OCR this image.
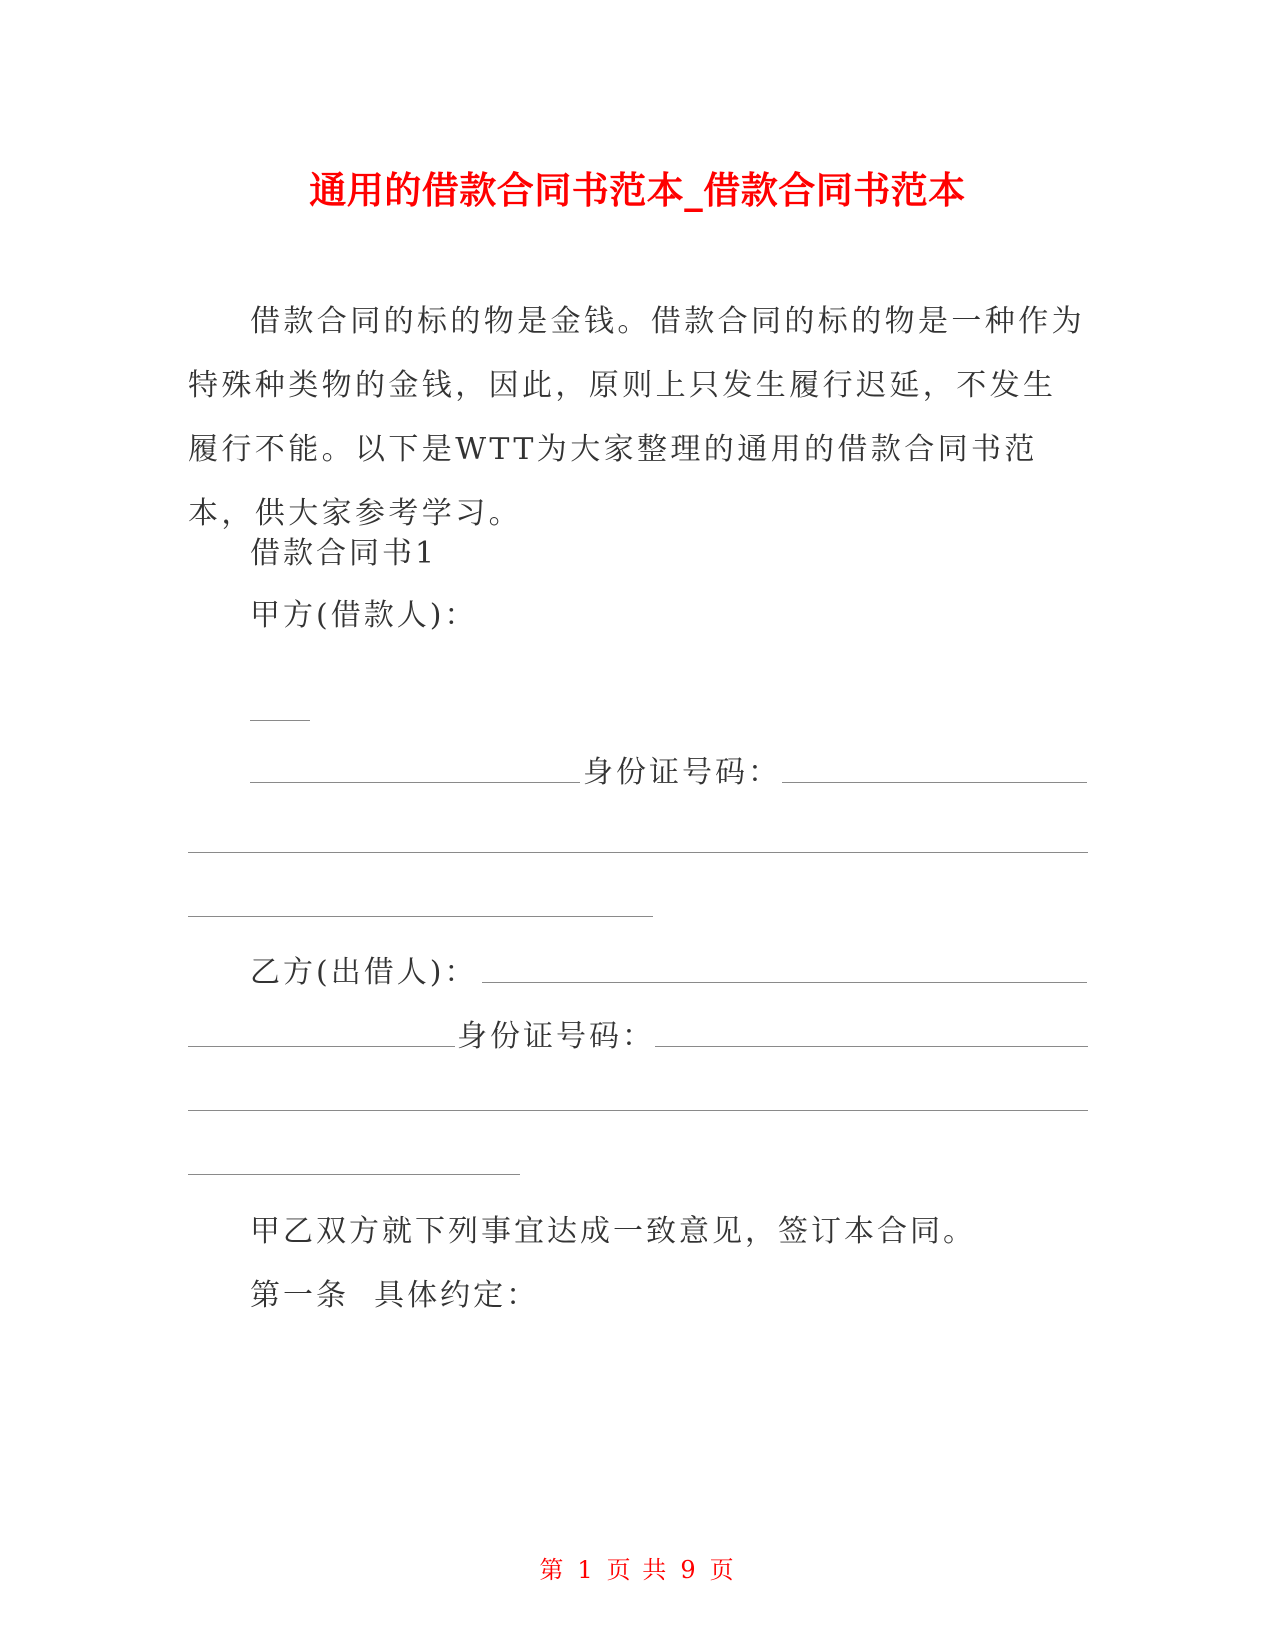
通用的借款合同书范本_借款合同书范本
借款合同的标的物是金钱。借款合同的标的物是一种作为特殊种类物的金钱，因此，原则上只发生履行迟延，不发生履行不能。以下是WTT为大家整理的通用的借款合同书范本，供大家参考学习。
借款合同书1
甲方(借款人)：
身份证号码：
乙方(出借人)：
身份证号码：
甲乙双方就下列事宜达成一致意见，签订本合同。
第一条  具体约定：
第 1 页 共 9 页
